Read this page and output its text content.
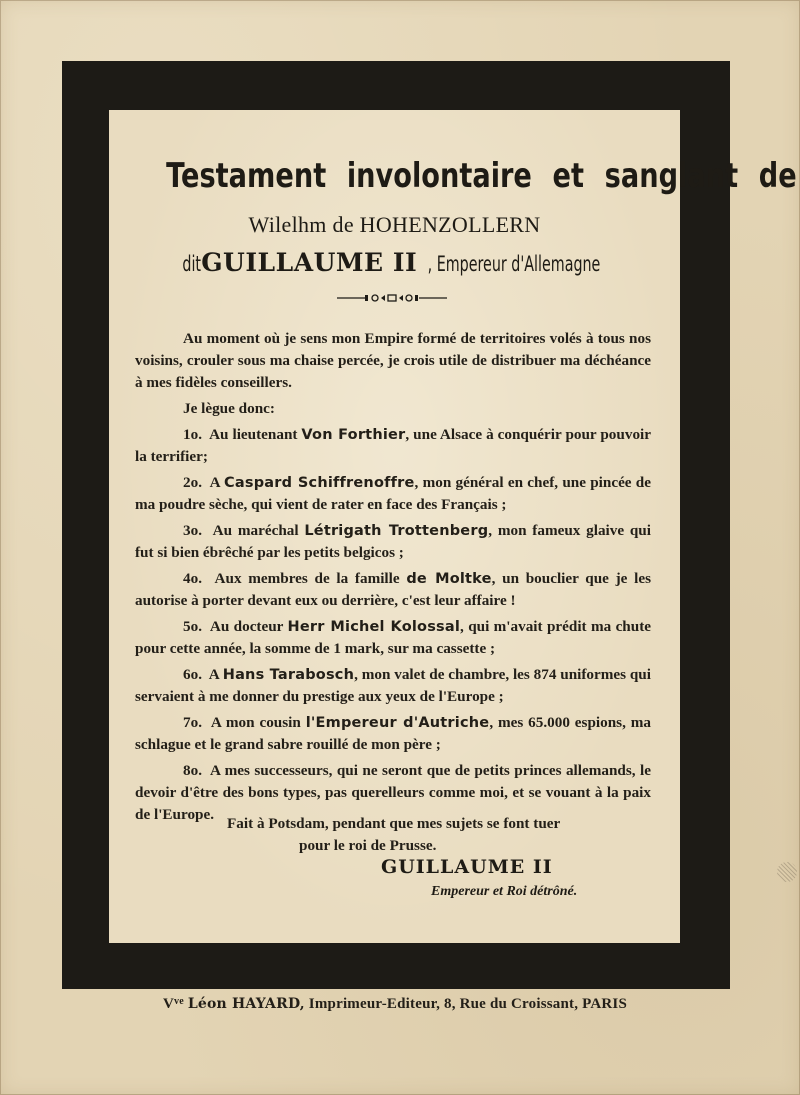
Testament involontaire et sanglant de
Wilelhm de HOHENZOLLERN
dit GUILLAUME II , Empereur d'Allemagne

Au moment où je sens mon Empire formé de territoires volés à tous nos voisins, crouler sous ma chaise percée, je crois utile de distribuer ma déchéance à mes fidèles conseillers.

Je lègue donc:

1o. Au lieutenant Von Forthier, une Alsace à conquérir pour pouvoir la terrifier;

2o. A Caspard Schiffrenoffre, mon général en chef, une pincée de ma poudre sèche, qui vient de rater en face des Français ;

3o. Au maréchal Létrigath Trottenberg, mon fameux glaive qui fut si bien ébrêché par les petits belgicos ;

4o. Aux membres de la famille de Moltke, un bouclier que je les autorise à porter devant eux ou derrière, c'est leur affaire !

5o. Au docteur Herr Michel Kolossal, qui m'avait prédit ma chute pour cette année, la somme de 1 mark, sur ma cassette ;

6o. A Hans Tarabosch, mon valet de chambre, les 874 uniformes qui servaient à me donner du prestige aux yeux de l'Europe ;

7o. A mon cousin l'Empereur d'Autriche, mes 65.000 espions, ma schlague et le grand sabre rouillé de mon père ;

8o. A mes successeurs, qui ne seront que de petits princes allemands, le devoir d'être des bons types, pas querelleurs comme moi, et se vouant à la paix de l'Europe.

Fait à Potsdam, pendant que mes sujets se font tuer
pour le roi de Prusse.
GUILLAUME II
Empereur et Roi détrôné.
$V^{ve}$ Léon HAYARD, Imprimeur-Editeur, 8, Rue du Croissant, PARIS
